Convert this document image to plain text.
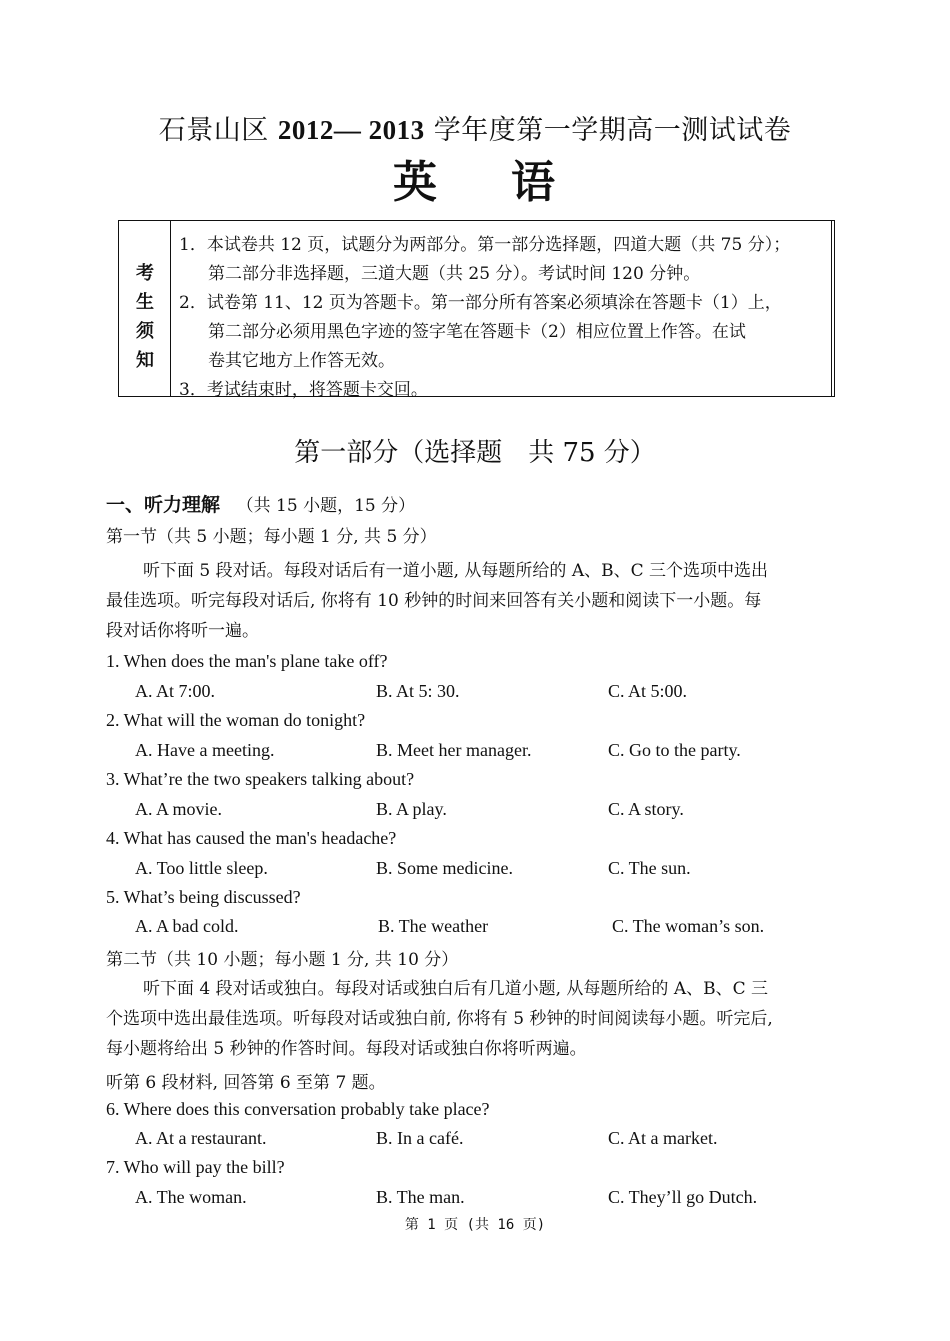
石景山区 2012— 2013 学年度第一学期高一测试试卷
英 语
考
生
须
知
1．本试卷共 12 页，试题分为两部分。第一部分选择题，四道大题（共 75 分）；
第二部分非选择题，三道大题（共 25 分）。考试时间 120 分钟。
2．试卷第 11、12 页为答题卡。第一部分所有答案必须填涂在答题卡（1）上，
第二部分必须用黑色字迹的签字笔在答题卡（2）相应位置上作答。在试
卷其它地方上作答无效。
3．考试结束时，将答题卡交回。
第一部分（选择题　共 75 分）
一、听力理解 （共 15 小题，15 分）
第一节（共 5 小题；每小题 1 分, 共 5 分）
听下面 5 段对话。每段对话后有一道小题, 从每题所给的 A、B、C 三个选项中选出
最佳选项。听完每段对话后, 你将有 10 秒钟的时间来回答有关小题和阅读下一小题。每
段对话你将听一遍。
1. When does the man's plane take off?
A. At 7:00.	B. At 5: 30.	C. At 5:00.
2. What will the woman do tonight?
A. Have a meeting.	B. Meet her manager.	C. Go to the party.
3. What’re the two speakers talking about?
A. A movie.	B. A play.	C. A story.
4. What has caused the man's headache?
A. Too little sleep.	B. Some medicine.	C. The sun.
5. What’s being discussed?
A. A bad cold.	B. The weather	C. The woman’s son.
第二节（共 10 小题；每小题 1 分, 共 10 分）
听下面 4 段对话或独白。每段对话或独白后有几道小题, 从每题所给的 A、B、C 三
个选项中选出最佳选项。听每段对话或独白前, 你将有 5 秒钟的时间阅读每小题。听完后,
每小题将给出 5 秒钟的作答时间。每段对话或独白你将听两遍。
听第 6 段材料, 回答第 6 至第 7 题。
6. Where does this conversation probably take place?
A. At a restaurant.	B. In a café.	C. At a market.
7. Who will pay the bill?
A. The woman.	B. The man.	C. They’ll go Dutch.
第 1 页 (共 16 页)
